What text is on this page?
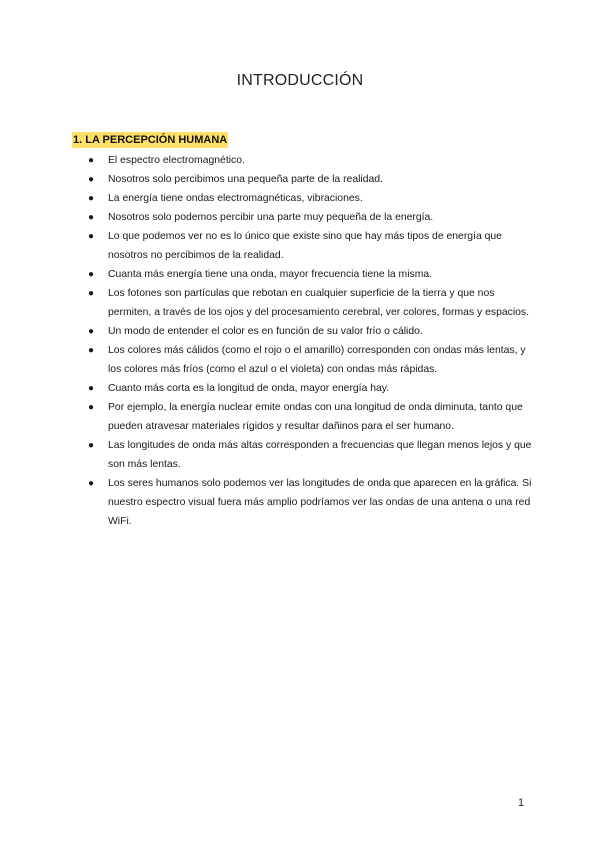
INTRODUCCIÓN
1. LA PERCEPCIÓN HUMANA
● El espectro electromagnético.
● Nosotros solo percibimos una pequeña parte de la realidad.
● La energía tiene ondas electromagnéticas, vibraciones.
● Nosotros solo podemos percibir una parte muy pequeña de la energía.
● Lo que podemos ver no es lo único que existe sino que hay más tipos de energía que nosotros no percibimos de la realidad.
● Cuanta más energía tiene una onda, mayor frecuencia tiene la misma.
● Los fotones son partículas que rebotan en cualquier superficie de la tierra y que nos permiten, a través de los ojos y del procesamiento cerebral, ver colores, formas y espacios.
● Un modo de entender el color es en función de su valor frío o cálido.
● Los colores más cálidos (como el rojo o el amarillo) corresponden con ondas más lentas, y los colores más fríos (como el azul o el violeta) con ondas más rápidas.
● Cuanto más corta es la longitud de onda, mayor energía hay.
● Por ejemplo, la energía nuclear emite ondas con una longitud de onda diminuta, tanto que pueden atravesar materiales rígidos y resultar dañinos para el ser humano.
● Las longitudes de onda más altas corresponden a frecuencias que llegan menos lejos y que son más lentas.
● Los seres humanos solo podemos ver las longitudes de onda que aparecen en la gráfica. Si nuestro espectro visual fuera más amplio podríamos ver las ondas de una antena o una red WiFi.
1
